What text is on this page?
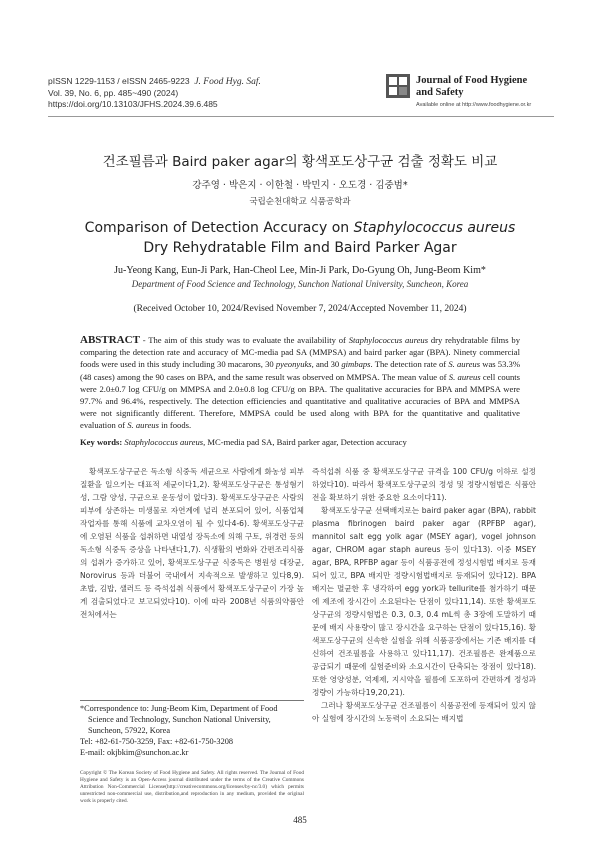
pISSN 1229-1153 / eISSN 2465-9223 J. Food Hyg. Saf.
Vol. 39, No. 6, pp. 485~490 (2024)
https://doi.org/10.13103/JFHS.2024.39.6.485
Journal of Food Hygiene
and Safety
Available online at http://www.foodhygiene.or.kr
건조필름과 Baird paker agar의 황색포도상구균 검출 정확도 비교
강주영 · 박은지 · 이한철 · 박민지 · 오도경 · 김중범*
국립순천대학교 식품공학과
Comparison of Detection Accuracy on Staphylococcus aureus
Dry Rehydratable Film and Baird Parker Agar
Ju-Yeong Kang, Eun-Ji Park, Han-Cheol Lee, Min-Ji Park, Do-Gyung Oh, Jung-Beom Kim*
Department of Food Science and Technology, Sunchon National University, Suncheon, Korea
(Received October 10, 2024/Revised November 7, 2024/Accepted November 11, 2024)
ABSTRACT - The aim of this study was to evaluate the availability of Staphylococcus aureus dry rehydratable films by comparing the detection rate and accuracy of MC-media pad SA (MMPSA) and baird parker agar (BPA). Ninety commercial foods were used in this study including 30 macarons, 30 pyeonyuks, and 30 gimbaps. The detection rate of S. aureus was 53.3% (48 cases) among the 90 cases on BPA, and the same result was observed on MMPSA. The mean value of S. aureus cell counts were 2.0±0.7 log CFU/g on MMPSA and 2.0±0.8 log CFU/g on BPA. The qualitative accuracies for BPA and MMPSA were 97.7% and 96.4%, respectively. The detection efficiencies and quantitative and qualitative accuracies of BPA and MMPSA were not significantly different. Therefore, MMPSA could be used along with BPA for the quantitative and qualitative evaluation of S. aureus in foods.
Key words: Staphylococcus aureus, MC-media pad SA, Baird parker agar, Detection accuracy

황색포도상구균은 독소형 식중독 세균으로 사람에게 화농성 피부질환을 일으키는 대표적 세균이다1,2). 황색포도상구균은 통성혐기성, 그람 양성, 구균으로 운동성이 없다3). 황색포도상구균은 사람의 피부에 상존하는 미생물로 자연계에 널리 분포되어 있어, 식품업체 작업자를 통해 식품에 교차오염이 될 수 있다4-6). 황색포도상구균에 오염된 식품을 섭취하면 내열성 장독소에 의해 구토, 위경련 등의 독소형 식중독 증상을 나타낸다1,7). 식생활의 변화와 간편조리식품의 섭취가 증가하고 있어, 황색포도상구균 식중독은 병원성 대장균, Norovirus 등과 더불어 국내에서 지속적으로 발생하고 있다8,9). 초밥, 김밥, 샐러드 등 즉석섭취 식품에서 황색포도상구균이 가장 높게 검출되었다고 보고되었다10). 이에 따라 2008년 식품의약품안전처에서는

즉석섭취 식품 중 황색포도상구균 규격을 100 CFU/g 이하로 설정하였다10). 따라서 황색포도상구균의 정성 및 정량시험법은 식품안전을 확보하기 위한 중요한 요소이다11).

황색포도상구균 선택배지로는 baird paker agar (BPA), rabbit plasma fibrinogen baird paker agar (RPFBP agar), mannitol salt egg yolk agar (MSEY agar), vogel johnson agar, CHROM agar staph aureus 등이 있다13). 이중 MSEY agar, BPA, RPFBP agar 등이 식품공전에 정성시험법 배지로 등재되어 있고, BPA 배지만 정량시험법배지로 등재되어 있다12). BPA 배지는 멸균한 후 냉각하여 egg york과 tellurite를 첨가하기 때문에 제조에 장시간이 소요된다는 단점이 있다11,14). 또한 황색포도상구균의 정량시험법은 0.3, 0.3, 0.4 mL씩 총 3장에 도말하기 때문에 배지 사용량이 많고 장시간을 요구하는 단점이 있다15,16). 황색포도상구균의 신속한 실험을 위해 식품공장에서는 기존 배지를 대신하여 건조필름을 사용하고 있다11,17). 건조필름은 완제품으로 공급되기 때문에 실험준비와 소요시간이 단축되는 장점이 있다18). 또한 영양성분, 억제제, 지시약을 필름에 도포하여 간편하게 정성과 정량이 가능하다19,20,21).

그러나 황색포도상구균 건조필름이 식품공전에 등재되어 있지 않아 실험에 장시간의 노동력이 소요되는 배지법

*Correspondence to: Jung-Beom Kim, Department of Food
Science and Technology, Sunchon National University,
Suncheon, 57922, Korea
Tel: +82-61-750-3259, Fax: +82-61-750-3208
E-mail: okjbkim@sunchon.ac.kr
Copyright © The Korean Society of Food Hygiene and Safety. All rights reserved. The Journal of Food Hygiene and Safety is an Open-Access journal distributed under the terms of the Creative Commons Attribution Non-Commercial License(http://creativecommons.org/licenses/by-nc/3.0) which permits unrestricted non-commercial use, distribution,and reproduction in any medium, provided the original work is properly cited.
485
